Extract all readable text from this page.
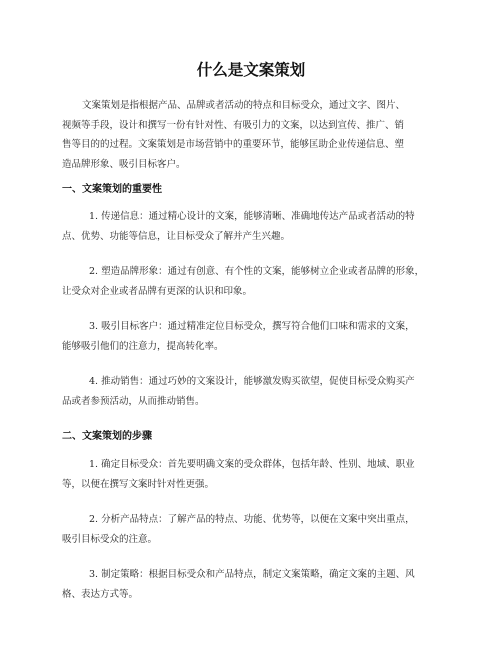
什么是文案策划

文案策划是指根据产品、品牌或者活动的特点和目标受众，通过文字、图片、
视频等手段，设计和撰写一份有针对性、有吸引力的文案，以达到宣传、推广、销
售等目的的过程。文案策划是市场营销中的重要环节，能够匡助企业传递信息、塑
造品牌形象、吸引目标客户。

一、文案策划的重要性

1. 传递信息：通过精心设计的文案，能够清晰、准确地传达产品或者活动的特
点、优势、功能等信息，让目标受众了解并产生兴趣。

2. 塑造品牌形象：通过有创意、有个性的文案，能够树立企业或者品牌的形象，
让受众对企业或者品牌有更深的认识和印象。

3. 吸引目标客户：通过精准定位目标受众，撰写符合他们口味和需求的文案，
能够吸引他们的注意力，提高转化率。

4. 推动销售：通过巧妙的文案设计，能够激发购买欲望，促使目标受众购买产
品或者参预活动，从而推动销售。

二、文案策划的步骤

1. 确定目标受众：首先要明确文案的受众群体，包括年龄、性别、地域、职业
等，以便在撰写文案时针对性更强。

2. 分析产品特点：了解产品的特点、功能、优势等，以便在文案中突出重点，
吸引目标受众的注意。

3. 制定策略：根据目标受众和产品特点，制定文案策略，确定文案的主题、风
格、表达方式等。
